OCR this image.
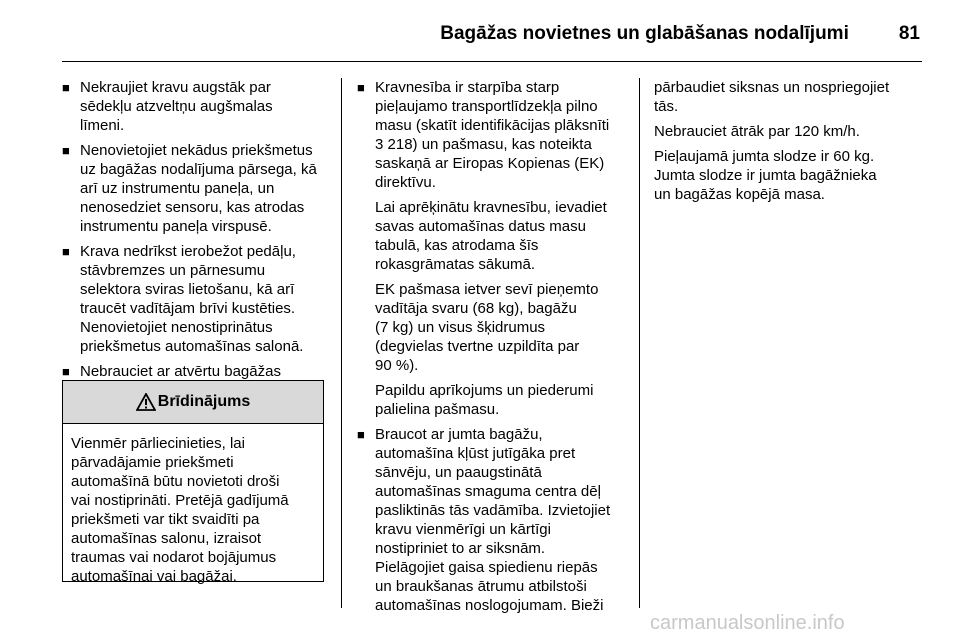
Bagāžas novietnes un glabāšanas nodalījumi	81
■ Nekraujiet kravu augstāk par
sēdekļu atzveltņu augšmalas
līmeni.
■ Nenovietojiet nekādus priekšmetus
uz bagāžas nodalījuma pārsega, kā
arī uz instrumentu paneļa, un
nenosedziet sensoru, kas atrodas
instrumentu paneļa virspusē.
■ Krava nedrīkst ierobežot pedāļu,
stāvbremzes un pārnesumu
selektora sviras lietošanu, kā arī
traucēt vadītājam brīvi kustēties.
Nenovietojiet nenostiprinātus
priekšmetus automašīnas salonā.
■ Nebrauciet ar atvērtu bagāžas
Brīdinājums
Vienmēr pārliecinieties, lai
pārvadājamie priekšmeti
automašīnā būtu novietoti droši
vai nostiprināti. Pretējā gadījumā
priekšmeti var tikt svaidīti pa
automašīnas salonu, izraisot
traumas vai nodarot bojājumus
automašīnai vai bagāžai.
■ Kravnesība ir starpība starp
pieļaujamo transportlīdzekļa pilno
masu (skatīt identifikācijas plāksnīti
3 218) un pašmasu, kas noteikta
saskaņā ar Eiropas Kopienas (EK)
direktīvu.
Lai aprēķinātu kravnesību, ievadiet
savas automašīnas datus masu
tabulā, kas atrodama šīs
rokasgrāmatas sākumā.
EK pašmasa ietver sevī pieņemto
vadītāja svaru (68 kg), bagāžu
(7 kg) un visus šķidrumus
(degvielas tvertne uzpildīta par
90 %).
Papildu aprīkojums un piederumi
palielina pašmasu.
■ Braucot ar jumta bagāžu,
automašīna kļūst jutīgāka pret
sānvēju, un paaugstinātā
automašīnas smaguma centra dēļ
pasliktinās tās vadāmība. Izvietojiet
kravu vienmērīgi un kārtīgi
nostipriniet to ar siksnām.
Pielāgojiet gaisa spiedienu riepās
un braukšanas ātrumu atbilstoši
automašīnas noslogojumam. Bieži
pārbaudiet siksnas un nospriegojiet
tās.
Nebrauciet ātrāk par 120 km/h.
Pieļaujamā jumta slodze ir 60 kg.
Jumta slodze ir jumta bagāžnieka
un bagāžas kopējā masa.
carmanualsonline.info
